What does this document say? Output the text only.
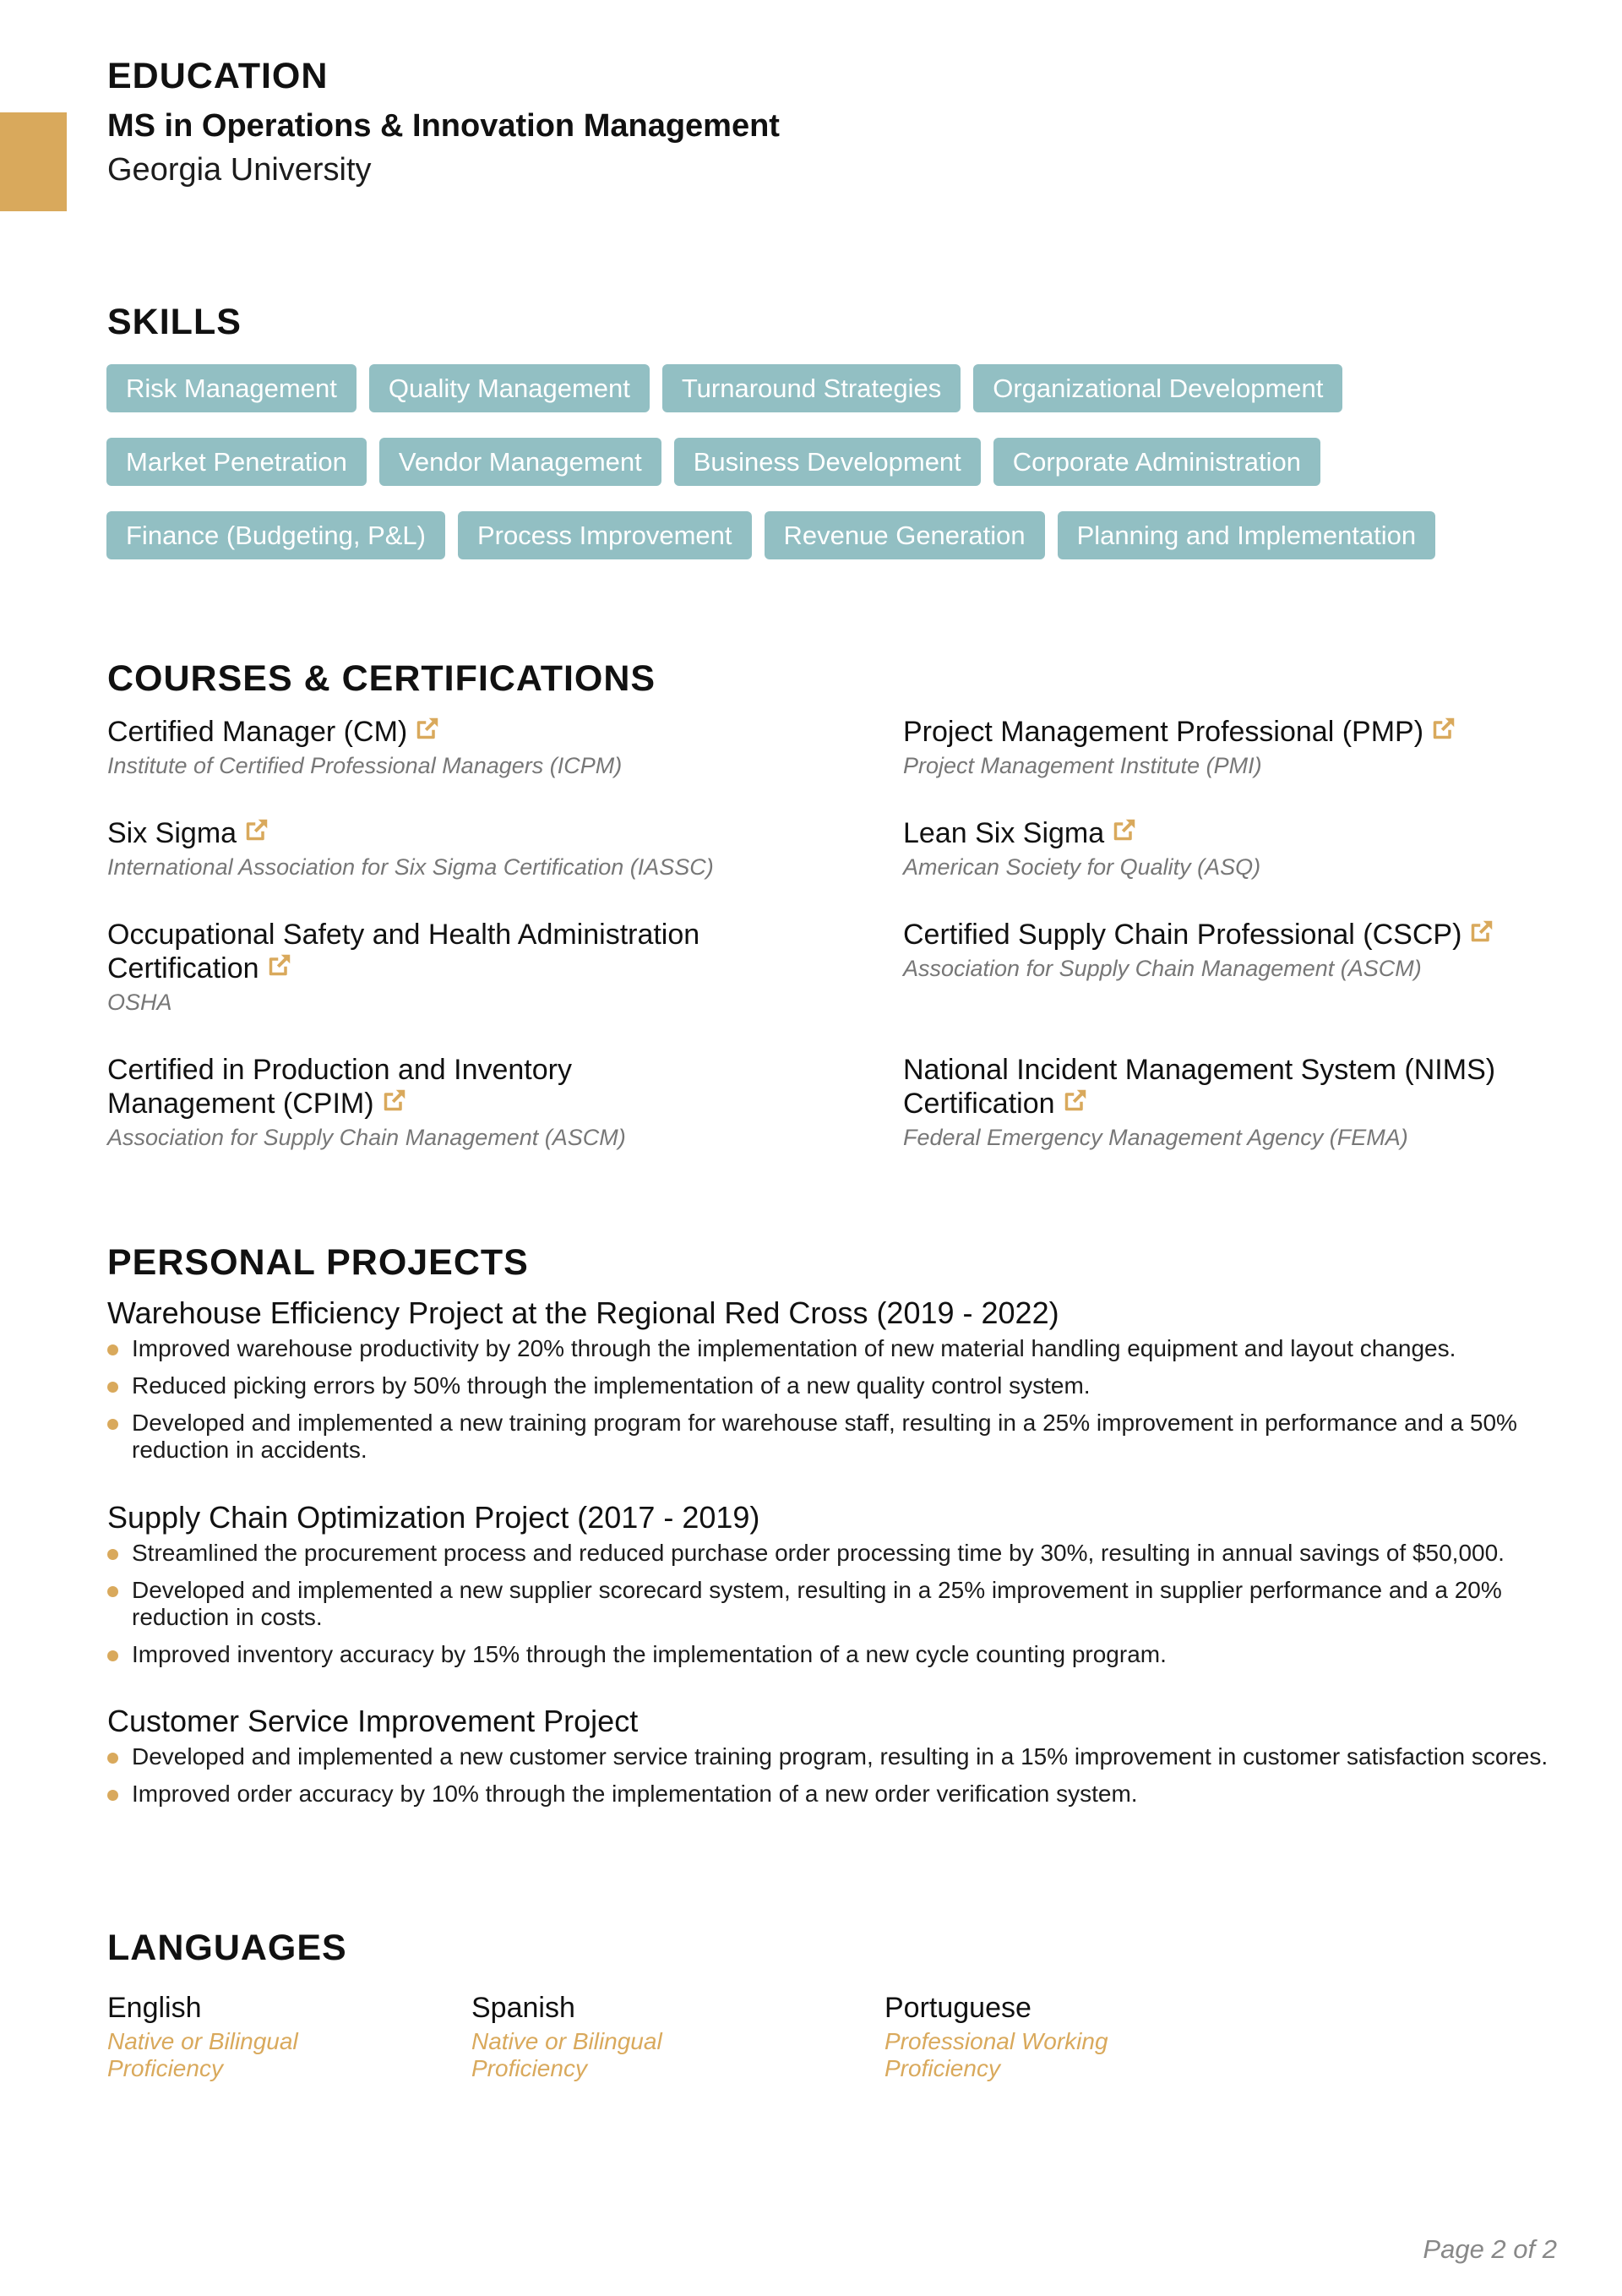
EDUCATION
MS in Operations & Innovation Management
Georgia University
SKILLS
Risk Management	Quality Management	Turnaround Strategies	Organizational Development
Market Penetration	Vendor Management	Business Development	Corporate Administration
Finance (Budgeting, P&L)	Process Improvement	Revenue Generation	Planning and Implementation
COURSES & CERTIFICATIONS
Certified Manager (CM)
Institute of Certified Professional Managers (ICPM)
Project Management Professional (PMP)
Project Management Institute (PMI)
Six Sigma
International Association for Six Sigma Certification (IASSC)
Lean Six Sigma
American Society for Quality (ASQ)
Occupational Safety and Health Administration Certification
OSHA
Certified Supply Chain Professional (CSCP)
Association for Supply Chain Management (ASCM)
Certified in Production and Inventory Management (CPIM)
Association for Supply Chain Management (ASCM)
National Incident Management System (NIMS) Certification
Federal Emergency Management Agency (FEMA)
PERSONAL PROJECTS
Warehouse Efficiency Project at the Regional Red Cross (2019 - 2022)
Improved warehouse productivity by 20% through the implementation of new material handling equipment and layout changes.
Reduced picking errors by 50% through the implementation of a new quality control system.
Developed and implemented a new training program for warehouse staff, resulting in a 25% improvement in performance and a 50% reduction in accidents.
Supply Chain Optimization Project (2017 - 2019)
Streamlined the procurement process and reduced purchase order processing time by 30%, resulting in annual savings of $50,000.
Developed and implemented a new supplier scorecard system, resulting in a 25% improvement in supplier performance and a 20% reduction in costs.
Improved inventory accuracy by 15% through the implementation of a new cycle counting program.
Customer Service Improvement Project
Developed and implemented a new customer service training program, resulting in a 15% improvement in customer satisfaction scores.
Improved order accuracy by 10% through the implementation of a new order verification system.
LANGUAGES
English
Native or Bilingual Proficiency
Spanish
Native or Bilingual Proficiency
Portuguese
Professional Working Proficiency
Page 2 of 2
